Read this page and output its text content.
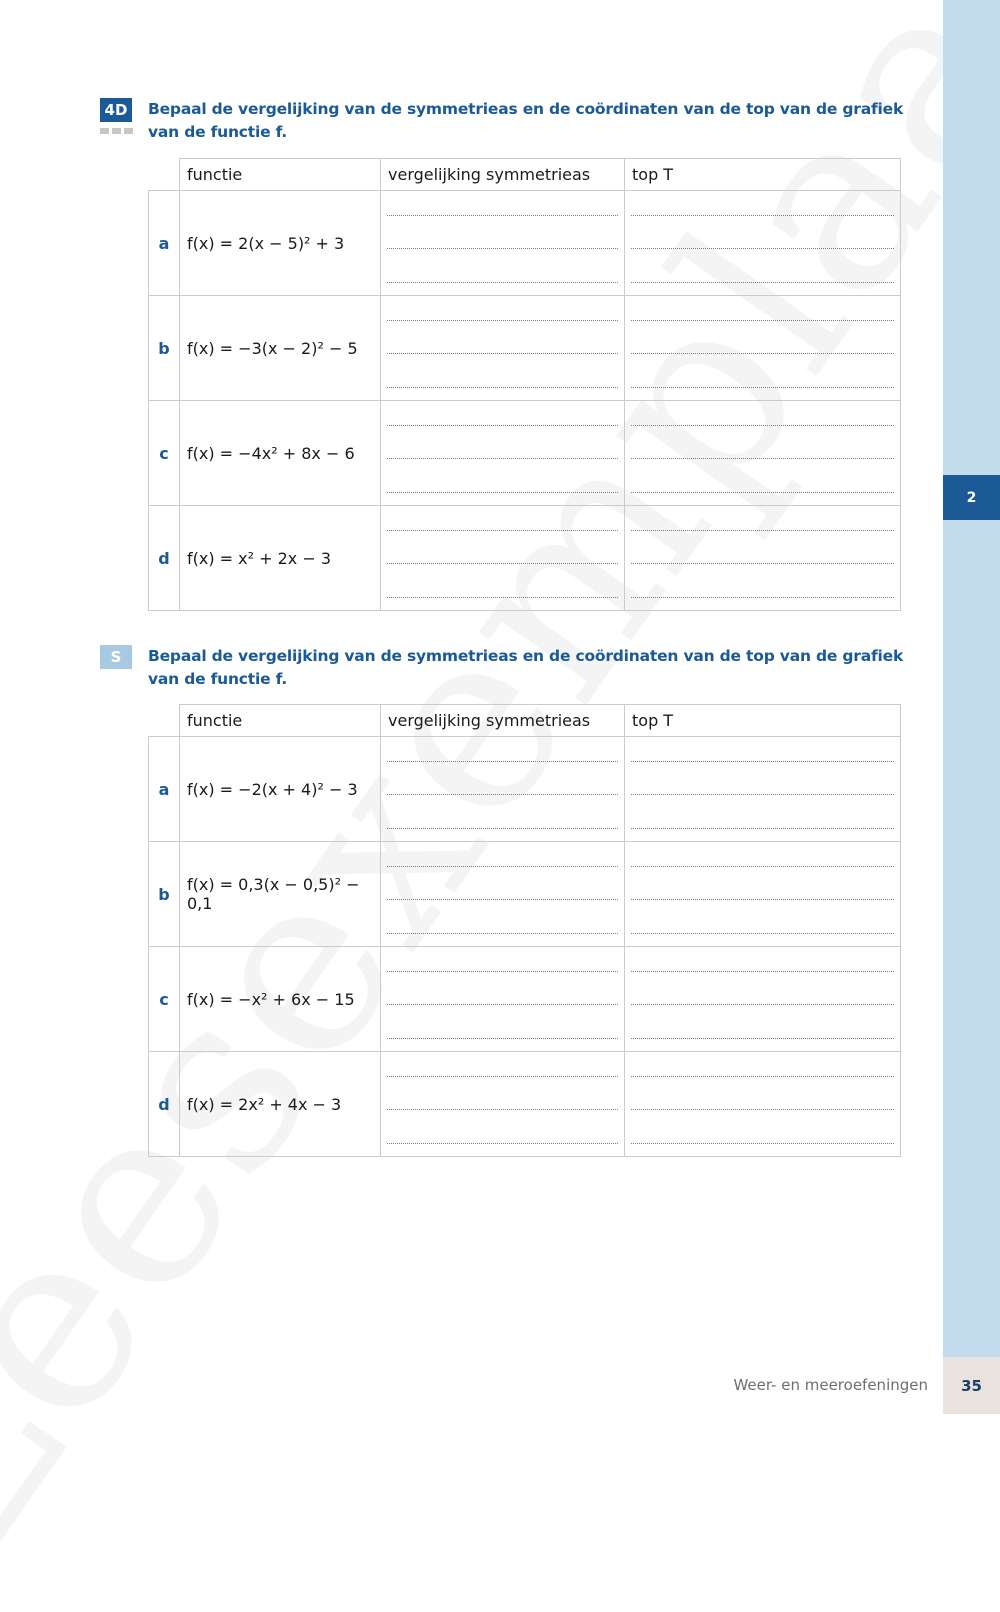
2
35
Weer- en meeroefeningen
4D Bepaal de vergelijking van de symmetrieas en de coördinaten van de top van de grafiek van de functie f.
	functie	vergelijking symmetrieas	top T
a	f(x) = 2(x − 5)² + 3	

b	f(x) = −3(x − 2)² − 5	

c	f(x) = −4x² + 8x − 6	

d	f(x) = x² + 2x − 3	

S	Bepaal de vergelijking van de symmetrieas en de coördinaten van de top van de grafiek van de functie f.
	functie	vergelijking symmetrieas	top T
a	f(x) = −2(x + 4)² − 3	

b	f(x) = 0,3(x − 0,5)² − 0,1	

c	f(x) = −x² + 6x − 15	

d	f(x) = 2x² + 4x − 3	
